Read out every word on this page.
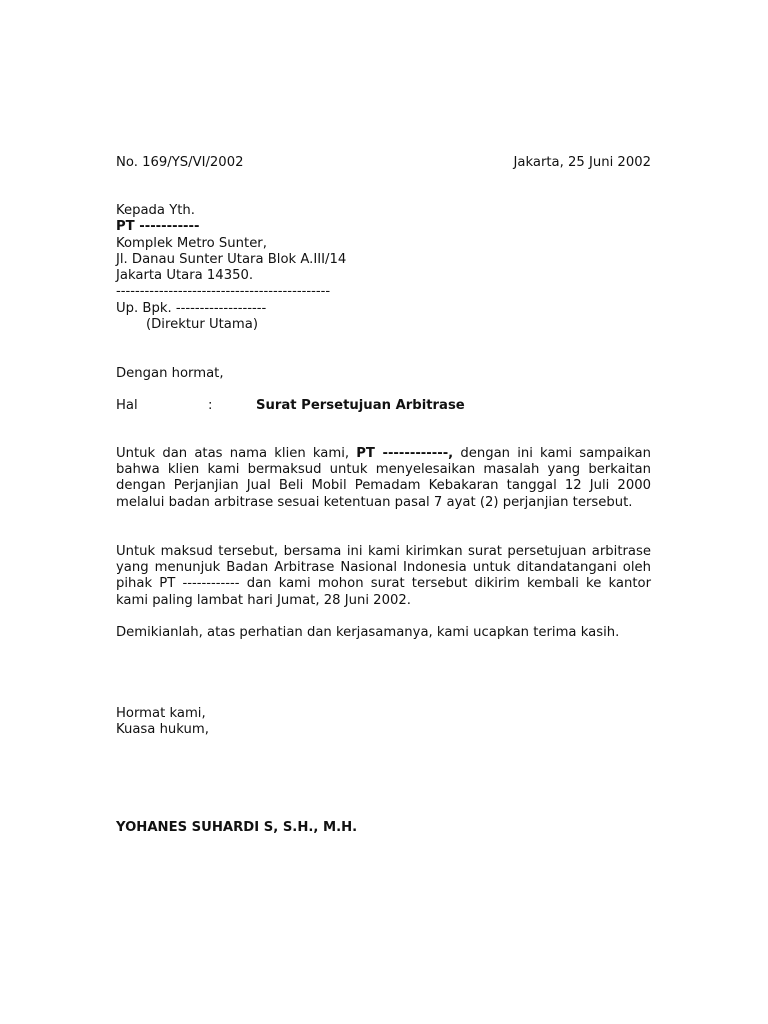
No. 169/YS/VI/2002	Jakarta, 25 Juni 2002
Kepada Yth.
PT -----------
Komplek Metro Sunter,
Jl. Danau Sunter Utara Blok A.III/14
Jakarta Utara 14350.
---------------------------------------------
Up. Bpk. -------------------
(Direktur Utama)
Dengan hormat,
Hal	:	Surat Persetujuan Arbitrase
Untuk dan atas nama klien kami, PT ------------, dengan ini kami sampaikan bahwa klien kami bermaksud untuk menyelesaikan masalah yang berkaitan dengan Perjanjian Jual Beli Mobil Pemadam Kebakaran tanggal 12 Juli 2000 melalui badan arbitrase sesuai ketentuan pasal 7 ayat (2) perjanjian tersebut.
Untuk maksud tersebut, bersama ini kami kirimkan surat persetujuan arbitrase yang menunjuk Badan Arbitrase Nasional Indonesia untuk ditandatangani oleh pihak PT ------------ dan kami mohon surat tersebut dikirim kembali ke kantor kami paling lambat hari Jumat, 28 Juni 2002.
Demikianlah, atas perhatian dan kerjasamanya, kami ucapkan terima kasih.
Hormat kami,
Kuasa hukum,
YOHANES SUHARDI S, S.H., M.H.
